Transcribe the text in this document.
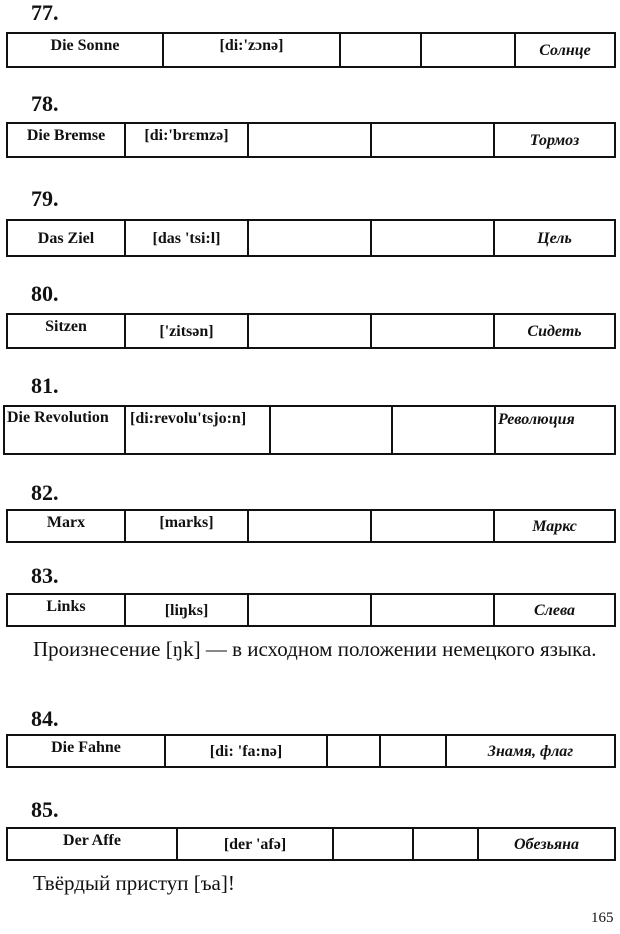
77.

Die Sonne	[di:'zɔnə]			Солнце

78.

Die Bremse	[di:'brɛmzə]			Тормоз

79.

Das Ziel	[das 'tsi:l]			Цель

80.

Sitzen	['zitsən]			Сидеть

81.

Die Revolution	[di:revolu'tsjo:n]			Революция

82.

Marx	[marks]			Маркс

83.

Links	[liŋks]			Слева

Произнесение [ŋk] — в исходном положении немецкого языка.

84.

Die Fahne	[di: 'fa:nə]			Знамя, флаг

85.

Der Affe	[der 'afə]			Обезьяна

Твёрдый приступ [ъа]!

165
